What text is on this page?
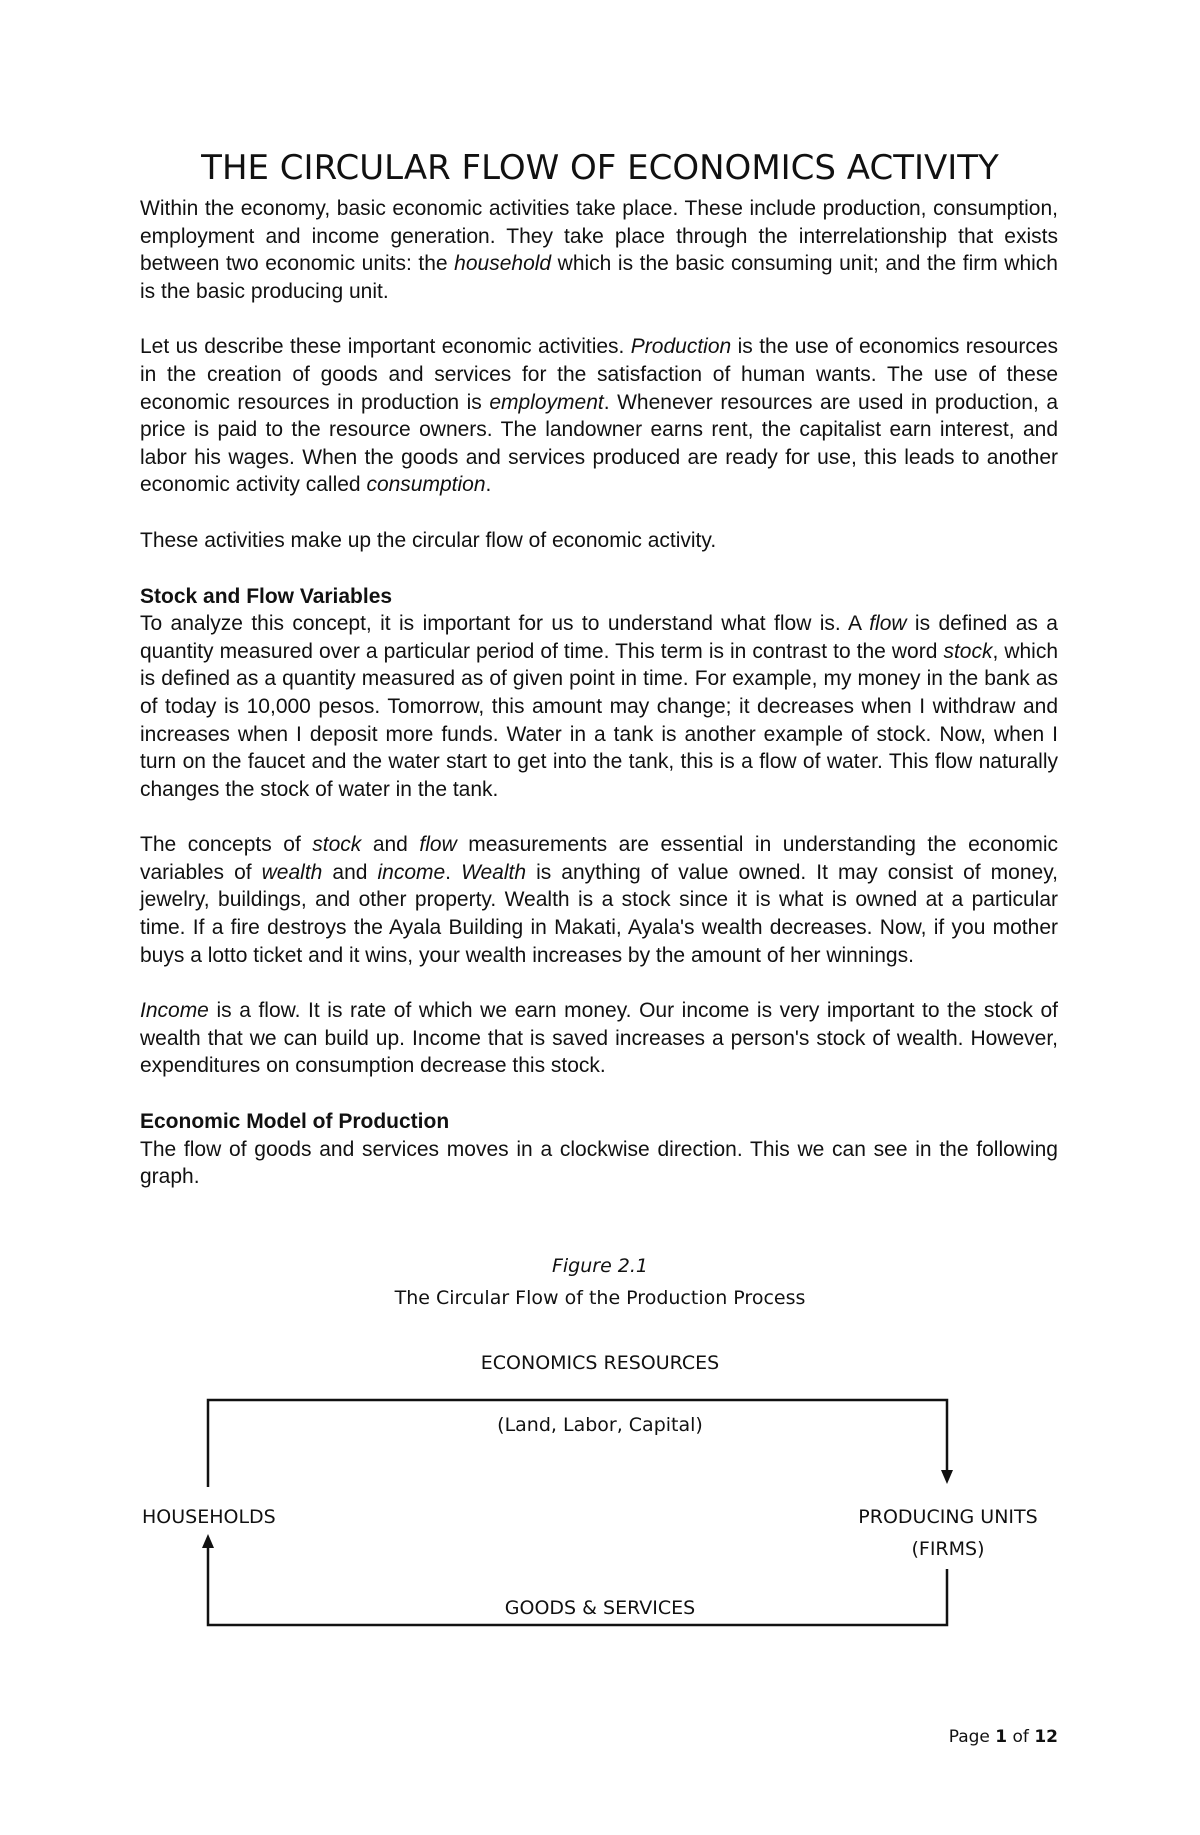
THE CIRCULAR FLOW OF ECONOMICS ACTIVITY

Within the economy, basic economic activities take place. These include production, consumption, employment and income generation. They take place through the interrelationship that exists between two economic units: the household which is the basic consuming unit; and the firm which is the basic producing unit.

Let us describe these important economic activities. Production is the use of economics resources in the creation of goods and services for the satisfaction of human wants. The use of these economic resources in production is employment. Whenever resources are used in production, a price is paid to the resource owners. The landowner earns rent, the capitalist earn interest, and labor his wages. When the goods and services produced are ready for use, this leads to another economic activity called consumption.

These activities make up the circular flow of economic activity.

Stock and Flow Variables

To analyze this concept, it is important for us to understand what flow is. A flow is defined as a quantity measured over a particular period of time. This term is in contrast to the word stock, which is defined as a quantity measured as of given point in time. For example, my money in the bank as of today is 10,000 pesos. Tomorrow, this amount may change; it decreases when I withdraw and increases when I deposit more funds. Water in a tank is another example of stock. Now, when I turn on the faucet and the water start to get into the tank, this is a flow of water. This flow naturally changes the stock of water in the tank.

The concepts of stock and flow measurements are essential in understanding the economic variables of wealth and income. Wealth is anything of value owned. It may consist of money, jewelry, buildings, and other property. Wealth is a stock since it is what is owned at a particular time. If a fire destroys the Ayala Building in Makati, Ayala's wealth decreases. Now, if you mother buys a lotto ticket and it wins, your wealth increases by the amount of her winnings.

Income is a flow. It is rate of which we earn money. Our income is very important to the stock of wealth that we can build up. Income that is saved increases a person's stock of wealth. However, expenditures on consumption decrease this stock.

Economic Model of Production

The flow of goods and services moves in a clockwise direction. This we can see in the following graph.

Figure 2.1
The Circular Flow of the Production Process
ECONOMICS RESOURCES
(Land, Labor, Capital)
HOUSEHOLDS	PRODUCING UNITS
(FIRMS)
GOODS & SERVICES
Page 1 of 12
